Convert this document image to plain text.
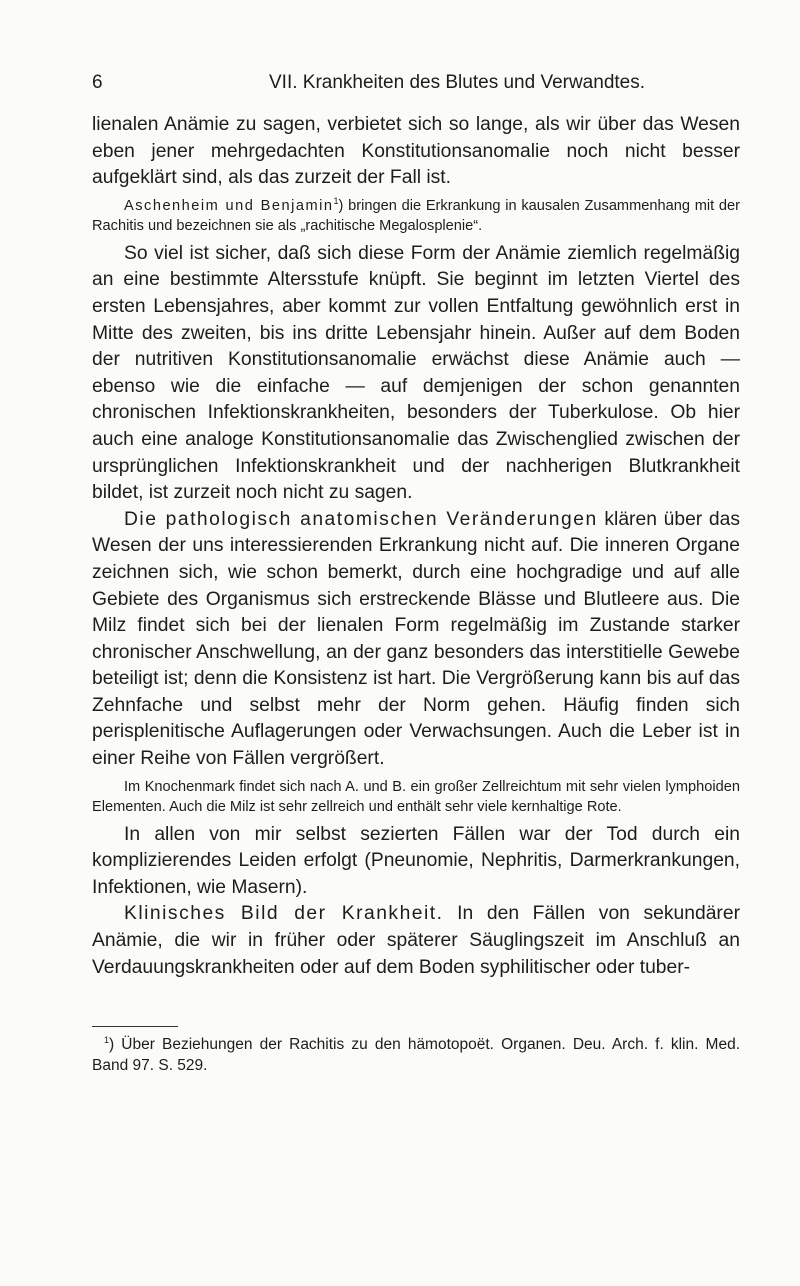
6	VII. Krankheiten des Blutes und Verwandtes.

lienalen Anämie zu sagen, verbietet sich so lange, als wir über das Wesen eben jener mehrgedachten Konstitutionsanomalie noch nicht besser aufgeklärt sind, als das zurzeit der Fall ist.

Aschenheim und Benjamin$^1$) bringen die Erkrankung in kausalen Zusammenhang mit der Rachitis und bezeichnen sie als „rachitische Megalosplenie“.

So viel ist sicher, daß sich diese Form der Anämie ziemlich regelmäßig an eine bestimmte Altersstufe knüpft. Sie beginnt im letzten Viertel des ersten Lebensjahres, aber kommt zur vollen Entfaltung gewöhnlich erst in Mitte des zweiten, bis ins dritte Lebensjahr hinein. Außer auf dem Boden der nutritiven Konstitutionsanomalie erwächst diese Anämie auch — ebenso wie die einfache — auf demjenigen der schon genannten chronischen Infektionskrankheiten, besonders der Tuberkulose. Ob hier auch eine analoge Konstitutionsanomalie das Zwischenglied zwischen der ursprünglichen Infektionskrankheit und der nachherigen Blutkrankheit bildet, ist zurzeit noch nicht zu sagen.

Die pathologisch anatomischen Veränderungen klären über das Wesen der uns interessierenden Erkrankung nicht auf. Die inneren Organe zeichnen sich, wie schon bemerkt, durch eine hochgradige und auf alle Gebiete des Organismus sich erstreckende Blässe und Blutleere aus. Die Milz findet sich bei der lienalen Form regelmäßig im Zustande starker chronischer Anschwellung, an der ganz besonders das interstitielle Gewebe beteiligt ist; denn die Konsistenz ist hart. Die Vergrößerung kann bis auf das Zehnfache und selbst mehr der Norm gehen. Häufig finden sich perisplenitische Auflagerungen oder Verwachsungen. Auch die Leber ist in einer Reihe von Fällen vergrößert.

Im Knochenmark findet sich nach A. und B. ein großer Zellreichtum mit sehr vielen lymphoiden Elementen. Auch die Milz ist sehr zellreich und enthält sehr viele kernhaltige Rote.

In allen von mir selbst sezierten Fällen war der Tod durch ein komplizierendes Leiden erfolgt (Pneunomie, Nephritis, Darmerkrankungen, Infektionen, wie Masern).

Klinisches Bild der Krankheit. In den Fällen von sekundärer Anämie, die wir in früher oder späterer Säuglingszeit im Anschluß an Verdauungskrankheiten oder auf dem Boden syphilitischer oder tuber-

$^1$) Über Beziehungen der Rachitis zu den hämotopoët. Organen. Deu. Arch. f. klin. Med. Band 97. S. 529.
